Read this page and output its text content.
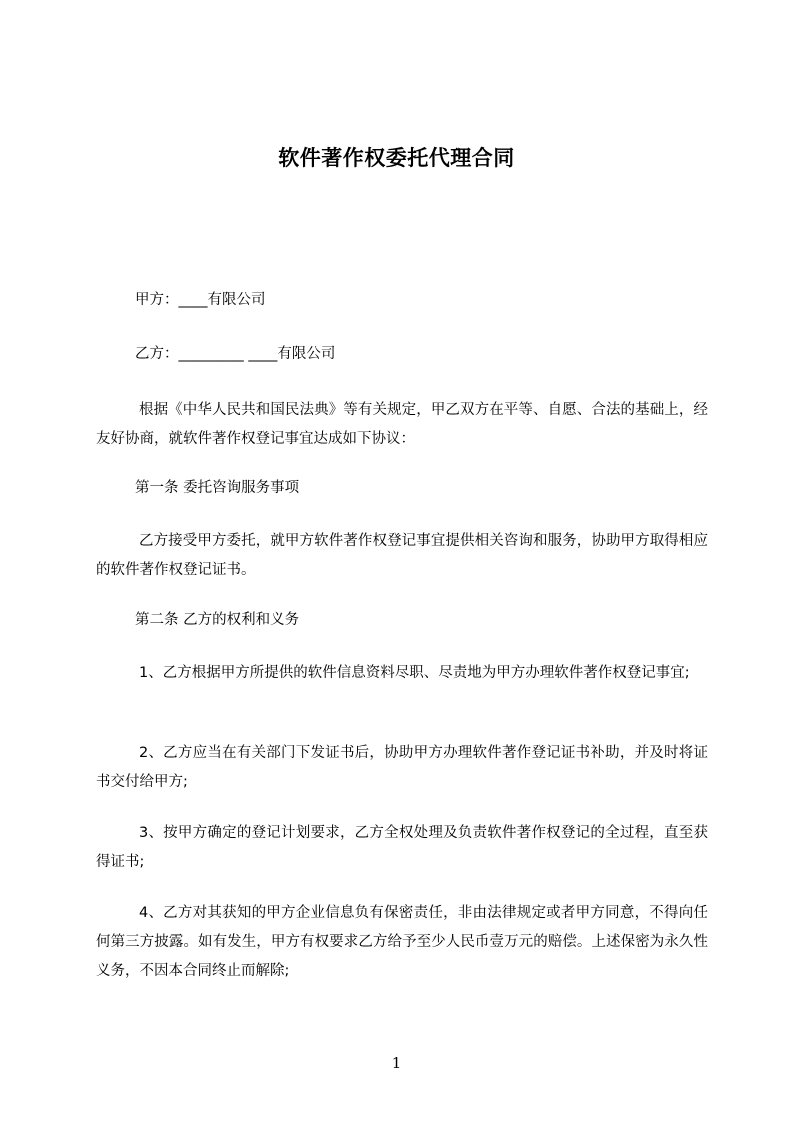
软件著作权委托代理合同
甲方：____有限公司
乙方：_________ ____有限公司
根据《中华人民共和国民法典》等有关规定，甲乙双方在平等、自愿、合法的基础上，经友好协商，就软件著作权登记事宜达成如下协议：
第一条 委托咨询服务事项
乙方接受甲方委托，就甲方软件著作权登记事宜提供相关咨询和服务，协助甲方取得相应的软件著作权登记证书。
第二条 乙方的权利和义务
1、乙方根据甲方所提供的软件信息资料尽职、尽责地为甲方办理软件著作权登记事宜;
2、乙方应当在有关部门下发证书后，协助甲方办理软件著作登记证书补助，并及时将证书交付给甲方;
3、按甲方确定的登记计划要求，乙方全权处理及负责软件著作权登记的全过程，直至获得证书;
4、乙方对其获知的甲方企业信息负有保密责任，非由法律规定或者甲方同意，不得向任何第三方披露。如有发生，甲方有权要求乙方给予至少人民币壹万元的赔偿。上述保密为永久性义务，不因本合同终止而解除;
1
